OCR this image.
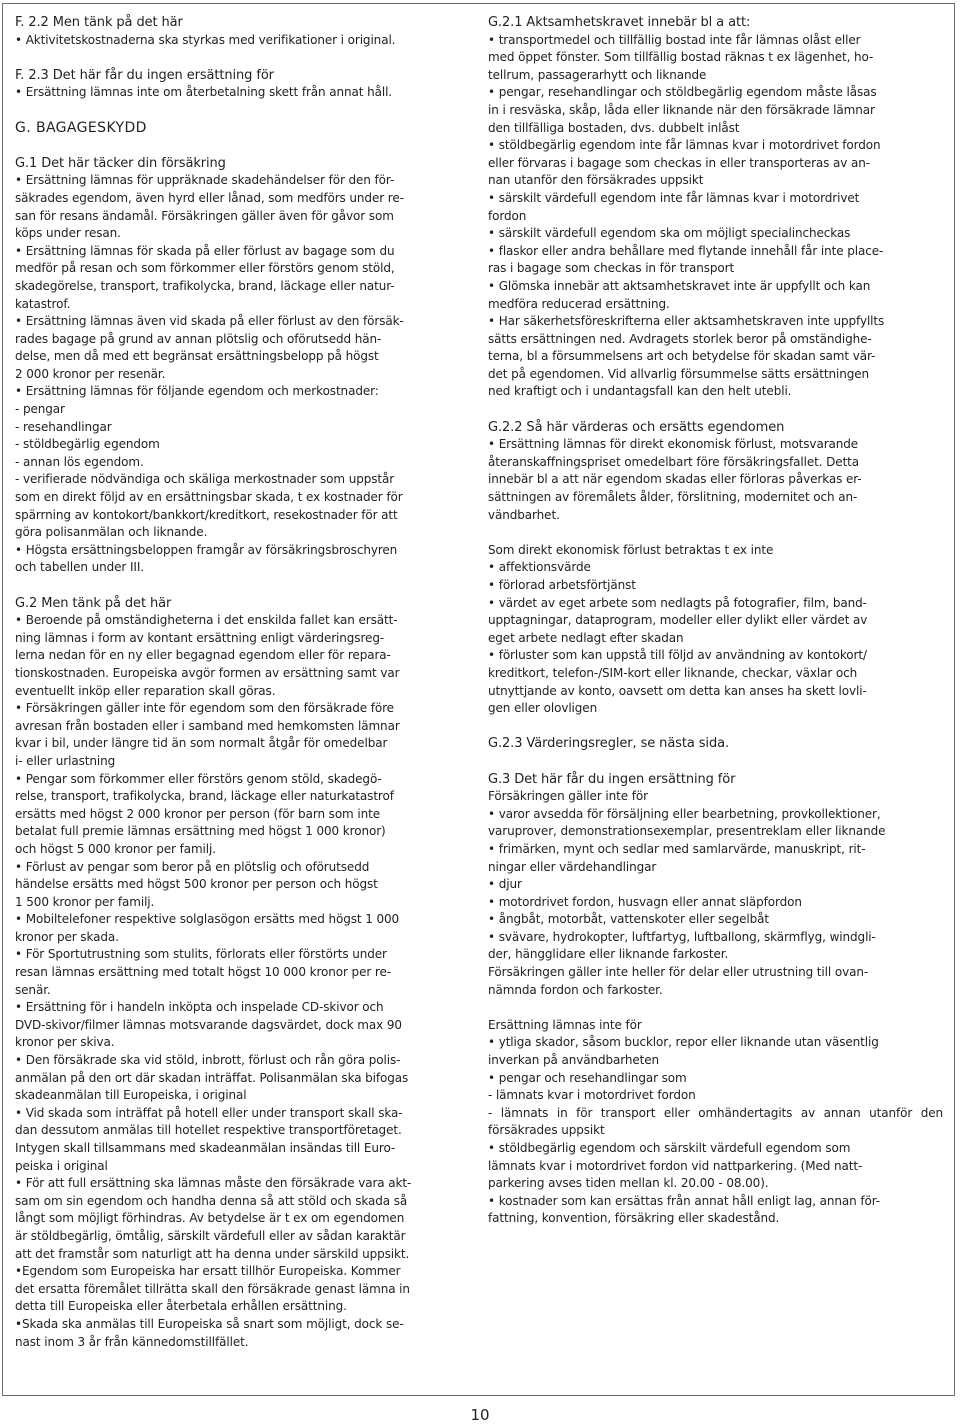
F. 2.2 Men tänk på det här

• Aktivitetskostnaderna ska styrkas med verifikationer i original.

F. 2.3 Det här får du ingen ersättning för

• Ersättning lämnas inte om återbetalning skett från annat håll.

G. BAGAGESKYDD

G.1 Det här täcker din försäkring

• Ersättning lämnas för uppräknade skadehändelser för den för-
säkrades egendom, även hyrd eller lånad, som medförs under re-
san för resans ändamål. Försäkringen gäller även för gåvor som
köps under resan.

• Ersättning lämnas för skada på eller förlust av bagage som du
medför på resan och som förkommer eller förstörs genom stöld,
skadegörelse, transport, trafikolycka, brand, läckage eller natur-
katastrof.

• Ersättning lämnas även vid skada på eller förlust av den försäk-
rades bagage på grund av annan plötslig och oförutsedd hän-
delse, men då med ett begränsat ersättningsbelopp på högst
2 000 kronor per resenär.

• Ersättning lämnas för följande egendom och merkostnader:
- pengar
- resehandlingar
- stöldbegärlig egendom
- annan lös egendom.
- verifierade nödvändiga och skäliga merkostnader som uppstår
som en direkt följd av en ersättningsbar skada, t ex kostnader för
spärrning av kontokort/bankkort/kreditkort, resekostnader för att
göra polisanmälan och liknande.

• Högsta ersättningsbeloppen framgår av försäkringsbroschyren
och tabellen under III.

G.2 Men tänk på det här

• Beroende på omständigheterna i det enskilda fallet kan ersätt-
ning lämnas i form av kontant ersättning enligt värderingsreg-
lerna nedan för en ny eller begagnad egendom eller för repara-
tionskostnaden. Europeiska avgör formen av ersättning samt var
eventuellt inköp eller reparation skall göras.

• Försäkringen gäller inte för egendom som den försäkrade före
avresan från bostaden eller i samband med hemkomsten lämnar
kvar i bil, under längre tid än som normalt åtgår för omedelbar
i- eller urlastning

• Pengar som förkommer eller förstörs genom stöld, skadegö-
relse, transport, trafikolycka, brand, läckage eller naturkatastrof
ersätts med högst 2 000 kronor per person (för barn som inte
betalat full premie lämnas ersättning med högst 1 000 kronor)
och högst 5 000 kronor per familj.

• Förlust av pengar som beror på en plötslig och oförutsedd
händelse ersätts med högst 500 kronor per person och högst
1 500 kronor per familj.

• Mobiltelefoner respektive solglasögon ersätts med högst 1 000
kronor per skada.

• För Sportutrustning som stulits, förlorats eller förstörts under
resan lämnas ersättning med totalt högst 10 000 kronor per re-
senär.

• Ersättning för i handeln inköpta och inspelade CD-skivor och
DVD-skivor/filmer lämnas motsvarande dagsvärdet, dock max 90
kronor per skiva.

• Den försäkrade ska vid stöld, inbrott, förlust och rån göra polis-
anmälan på den ort där skadan inträffat. Polisanmälan ska bifogas
skadeanmälan till Europeiska, i original

• Vid skada som inträffat på hotell eller under transport skall ska-
dan dessutom anmälas till hotellet respektive transportföretaget.
Intygen skall tillsammans med skadeanmälan insändas till Euro-
peiska i original

• För att full ersättning ska lämnas måste den försäkrade vara akt-
sam om sin egendom och handha denna så att stöld och skada så
långt som möjligt förhindras. Av betydelse är t ex om egendomen
är stöldbegärlig, ömtålig, särskilt värdefull eller av sådan karaktär
att det framstår som naturligt att ha denna under särskild uppsikt.

•Egendom som Europeiska har ersatt tillhör Europeiska. Kommer
det ersatta föremålet tillrätta skall den försäkrade genast lämna in
detta till Europeiska eller återbetala erhållen ersättning.

•Skada ska anmälas till Europeiska så snart som möjligt, dock se-
nast inom 3 år från kännedomstillfället.

G.2.1 Aktsamhetskravet innebär bl a att:

• transportmedel och tillfällig bostad inte får lämnas olåst eller
med öppet fönster. Som tillfällig bostad räknas t ex lägenhet, ho-
tellrum, passagerarhytt och liknande

• pengar, resehandlingar och stöldbegärlig egendom måste låsas
in i resväska, skåp, låda eller liknande när den försäkrade lämnar
den tillfälliga bostaden, dvs. dubbelt inlåst

• stöldbegärlig egendom inte får lämnas kvar i motordrivet fordon
eller förvaras i bagage som checkas in eller transporteras av an-
nan utanför den försäkrades uppsikt

• särskilt värdefull egendom inte får lämnas kvar i motordrivet
fordon

• särskilt värdefull egendom ska om möjligt specialincheckas

• flaskor eller andra behållare med flytande innehåll får inte place-
ras i bagage som checkas in för transport

• Glömska innebär att aktsamhetskravet inte är uppfyllt och kan
medföra reducerad ersättning.

• Har säkerhetsföreskrifterna eller aktsamhetskraven inte uppfyllts
sätts ersättningen ned. Avdragets storlek beror på omständighe-
terna, bl a försummelsens art och betydelse för skadan samt vär-
det på egendomen. Vid allvarlig försummelse sätts ersättningen
ned kraftigt och i undantagsfall kan den helt utebli.

G.2.2 Så här värderas och ersätts egendomen

• Ersättning lämnas för direkt ekonomisk förlust, motsvarande
återanskaffningspriset omedelbart före försäkringsfallet. Detta
innebär bl a att när egendom skadas eller förloras påverkas er-
sättningen av föremålets ålder, förslitning, modernitet och an-
vändbarhet.

Som direkt ekonomisk förlust betraktas t ex inte
• affektionsvärde
• förlorad arbetsförtjänst
• värdet av eget arbete som nedlagts på fotografier, film, band-
upptagningar, dataprogram, modeller eller dylikt eller värdet av
eget arbete nedlagt efter skadan
• förluster som kan uppstå till följd av användning av kontokort/
kreditkort, telefon-/SIM-kort eller liknande, checkar, växlar och
utnyttjande av konto, oavsett om detta kan anses ha skett lovli-
gen eller olovligen

G.2.3 Värderingsregler, se nästa sida.

G.3 Det här får du ingen ersättning för

Försäkringen gäller inte för
• varor avsedda för försäljning eller bearbetning, provkollektioner,
varuprover, demonstrationsexemplar, presentreklam eller liknande
• frimärken, mynt och sedlar med samlarvärde, manuskript, rit-
ningar eller värdehandlingar
• djur
• motordrivet fordon, husvagn eller annat släpfordon
• ångbåt, motorbåt, vattenskoter eller segelbåt
• svävare, hydrokopter, luftfartyg, luftballong, skärmflyg, windgli-
der, hängglidare eller liknande farkoster.
Försäkringen gäller inte heller för delar eller utrustning till ovan-
nämnda fordon och farkoster.

Ersättning lämnas inte för
• ytliga skador, såsom bucklor, repor eller liknande utan väsentlig
inverkan på användbarheten
• pengar och resehandlingar som
- lämnats kvar i motordrivet fordon
- lämnats in för transport eller omhändertagits av annan utanför den försäkrades uppsikt
• stöldbegärlig egendom och särskilt värdefull egendom som
lämnats kvar i motordrivet fordon vid nattparkering. (Med natt-
parkering avses tiden mellan kl. 20.00 - 08.00).
• kostnader som kan ersättas från annat håll enligt lag, annan för-
fattning, konvention, försäkring eller skadestånd.

10
